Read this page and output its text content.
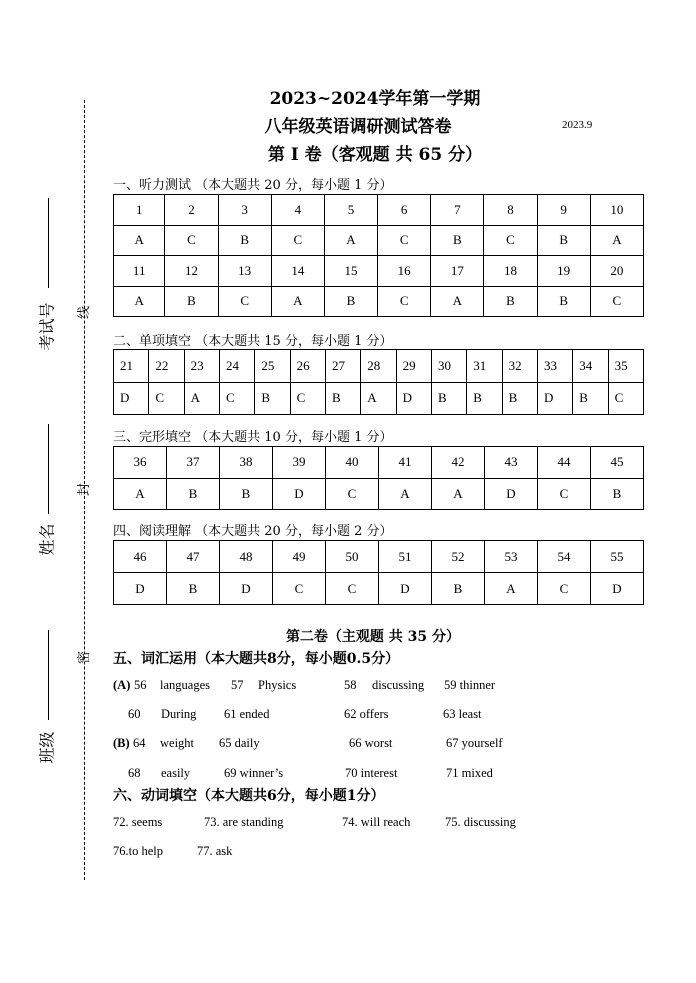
线
封
密
考试号
姓名
班级
2023~2024学年第一学期
八年级英语调研测试答卷	2023.9
第 I 卷（客观题 共 65 分）
一、听力测试 （本大题共 20 分，每小题 1 分）
1	2	3	4	5	6	7	8	9	10
A	C	B	C	A	C	B	C	B	A
11	12	13	14	15	16	17	18	19	20
A	B	C	A	B	C	A	B	B	C
二、单项填空 （本大题共 15 分，每小题 1 分）
21	22	23	24	25	26	27	28	29	30	31	32	33	34	35
D	C	A	C	B	C	B	A	D	B	B	B	D	B	C
三、完形填空 （本大题共 10 分，每小题 1 分）
36	37	38	39	40	41	42	43	44	45
A	B	B	D	C	A	A	D	C	B
四、阅读理解 （本大题共 20 分，每小题 2 分）
46	47	48	49	50	51	52	53	54	55
D	B	D	C	C	D	B	A	C	D
第二卷（主观题 共 35 分）
五、词汇运用（本大题共8分，每小题0.5分）
(A) 56 languages 57 Physics	58 discussing 59 thinner
60 During 61 ended	62 offers	63 least
(B) 64 weight 65 daily	66 worst	67 yourself
68 easily	69 winner’s	70 interest	71 mixed
六、动词填空（本大题共6分，每小题1分）
72. seems	73. are standing	74. will reach	75. discussing
76.to help	77. ask
